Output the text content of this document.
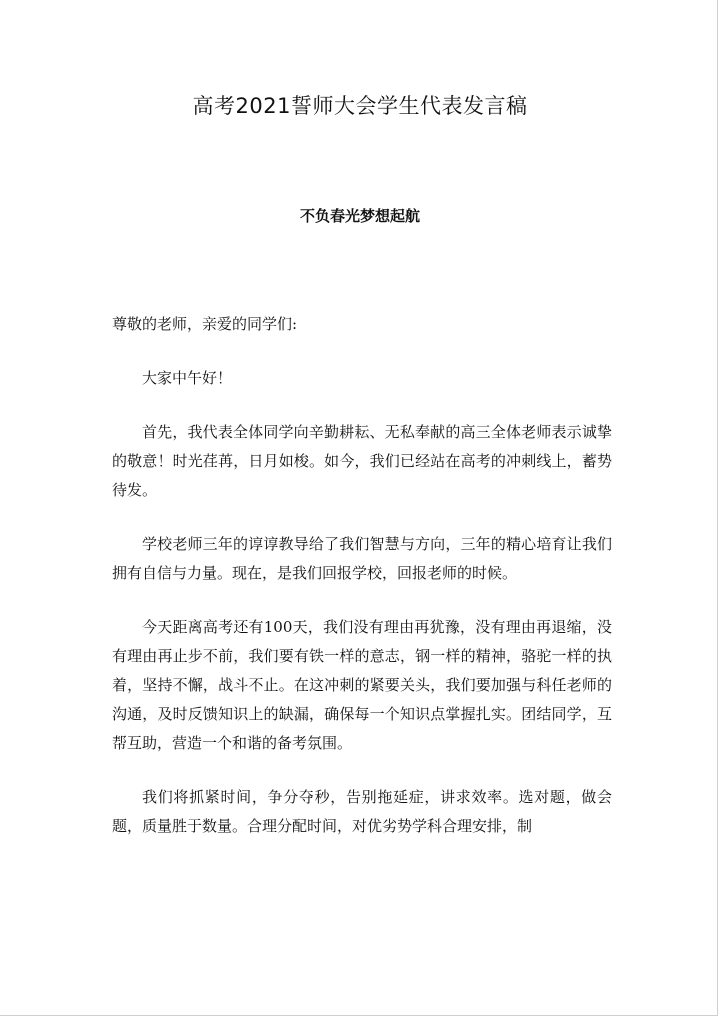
高考2021誓师大会学生代表发言稿
不负春光梦想起航

尊敬的老师，亲爱的同学们:

大家中午好！

首先，我代表全体同学向辛勤耕耘、无私奉献的高三全体老师表示诚挚的敬意！时光荏苒，日月如梭。如今，我们已经站在高考的冲刺线上，蓄势待发。

学校老师三年的谆谆教导给了我们智慧与方向，三年的精心培育让我们拥有自信与力量。现在，是我们回报学校，回报老师的时候。

今天距离高考还有100天，我们没有理由再犹豫，没有理由再退缩，没有理由再止步不前，我们要有铁一样的意志，钢一样的精神，骆驼一样的执着，坚持不懈，战斗不止。在这冲刺的紧要关头，我们要加强与科任老师的沟通，及时反馈知识上的缺漏，确保每一个知识点掌握扎实。团结同学，互帮互助，营造一个和谐的备考氛围。

我们将抓紧时间，争分夺秒，告别拖延症，讲求效率。选对题，做会题，质量胜于数量。合理分配时间，对优劣势学科合理安排，制
